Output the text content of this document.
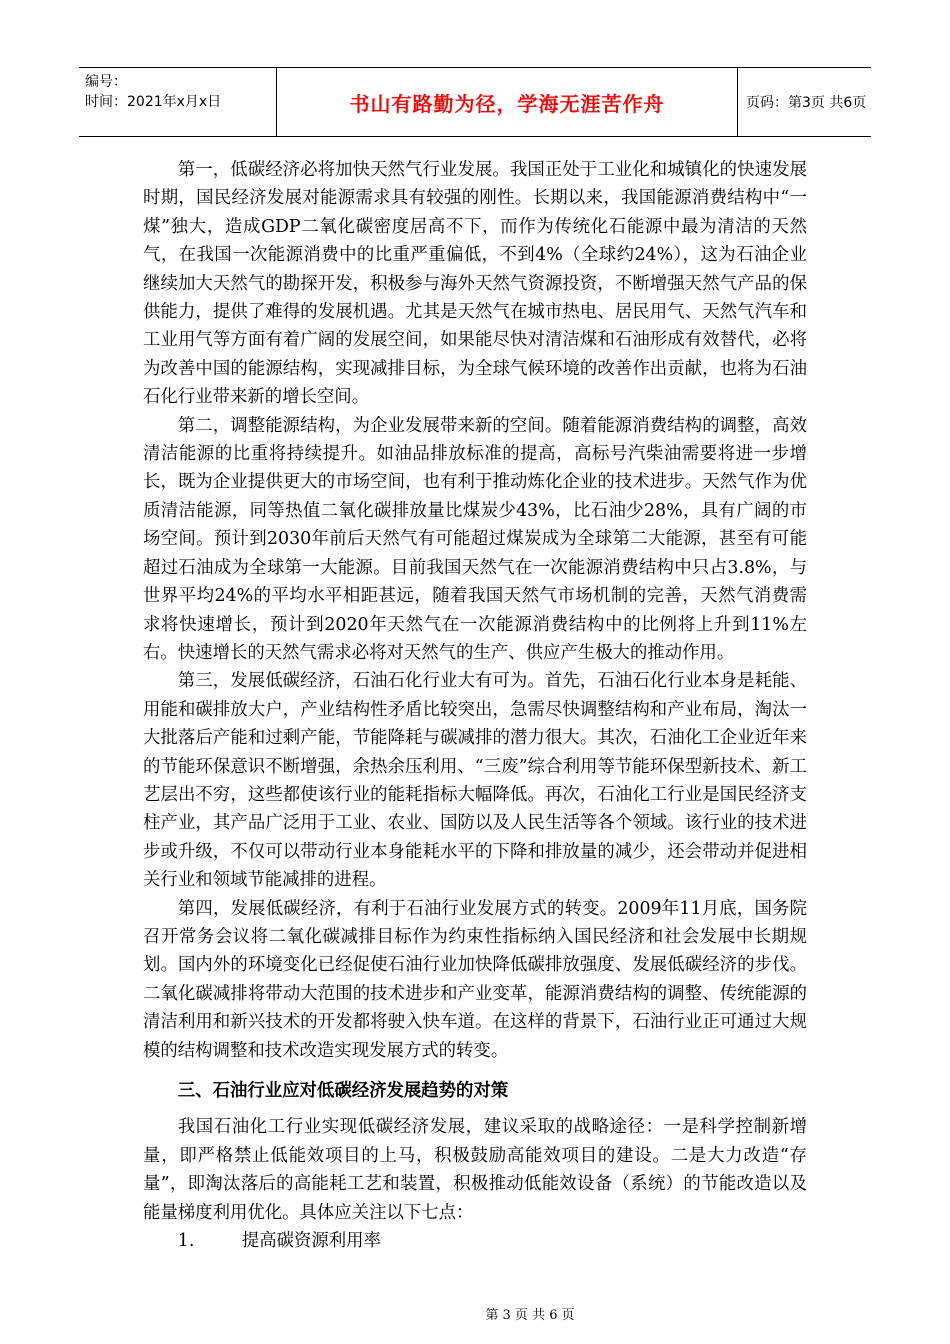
编号：
时间：2021年x月x日	书山有路勤为径，学海无涯苦作舟	页码：第3页 共6页

第一，低碳经济必将加快天然气行业发展。我国正处于工业化和城镇化的快速发展时期，国民经济发展对能源需求具有较强的刚性。长期以来，我国能源消费结构中“一煤”独大，造成GDP二氧化碳密度居高不下，而作为传统化石能源中最为清洁的天然气，在我国一次能源消费中的比重严重偏低，不到4%（全球约24%），这为石油企业继续加大天然气的勘探开发，积极参与海外天然气资源投资，不断增强天然气产品的保供能力，提供了难得的发展机遇。尤其是天然气在城市热电、居民用气、天然气汽车和工业用气等方面有着广阔的发展空间，如果能尽快对清洁煤和石油形成有效替代，必将为改善中国的能源结构，实现减排目标，为全球气候环境的改善作出贡献，也将为石油石化行业带来新的增长空间。

第二，调整能源结构，为企业发展带来新的空间。随着能源消费结构的调整，高效清洁能源的比重将持续提升。如油品排放标准的提高，高标号汽柴油需要将进一步增长，既为企业提供更大的市场空间，也有利于推动炼化企业的技术进步。天然气作为优质清洁能源，同等热值二氧化碳排放量比煤炭少43%，比石油少28%，具有广阔的市场空间。预计到2030年前后天然气有可能超过煤炭成为全球第二大能源，甚至有可能超过石油成为全球第一大能源。目前我国天然气在一次能源消费结构中只占3.8%，与世界平均24%的平均水平相距甚远，随着我国天然气市场机制的完善，天然气消费需求将快速增长，预计到2020年天然气在一次能源消费结构中的比例将上升到11%左右。快速增长的天然气需求必将对天然气的生产、供应产生极大的推动作用。

第三，发展低碳经济，石油石化行业大有可为。首先，石油石化行业本身是耗能、用能和碳排放大户，产业结构性矛盾比较突出，急需尽快调整结构和产业布局，淘汰一大批落后产能和过剩产能，节能降耗与碳减排的潜力很大。其次，石油化工企业近年来的节能环保意识不断增强，余热余压利用、“三废”综合利用等节能环保型新技术、新工艺层出不穷，这些都使该行业的能耗指标大幅降低。再次，石油化工行业是国民经济支柱产业，其产品广泛用于工业、农业、国防以及人民生活等各个领域。该行业的技术进步或升级，不仅可以带动行业本身能耗水平的下降和排放量的减少，还会带动并促进相关行业和领域节能减排的进程。

第四，发展低碳经济，有利于石油行业发展方式的转变。2009年11月底，国务院召开常务会议将二氧化碳减排目标作为约束性指标纳入国民经济和社会发展中长期规划。国内外的环境变化已经促使石油行业加快降低碳排放强度、发展低碳经济的步伐。二氧化碳减排将带动大范围的技术进步和产业变革，能源消费结构的调整、传统能源的清洁利用和新兴技术的开发都将驶入快车道。在这样的背景下，石油行业正可通过大规模的结构调整和技术改造实现发展方式的转变。

三、石油行业应对低碳经济发展趋势的对策

我国石油化工行业实现低碳经济发展，建议采取的战略途径：一是科学控制新增量，即严格禁止低能效项目的上马，积极鼓励高能效项目的建设。二是大力改造“存量”，即淘汰落后的高能耗工艺和装置，积极推动低能效设备（系统）的节能改造以及能量梯度利用优化。具体应关注以下七点：

1.	提高碳资源利用率
第 3 页 共 6 页
